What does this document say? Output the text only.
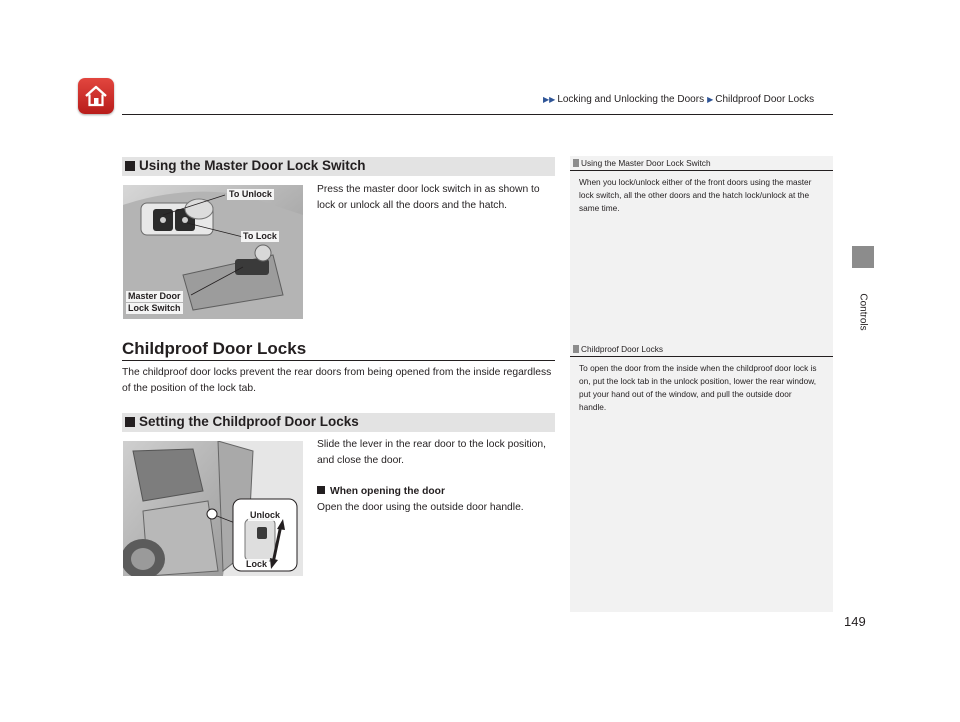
▶▶ Locking and Unlocking the Doors ▶ Childproof Door Locks
Controls
Using the Master Door Lock Switch
To Unlock
To Lock
Master Door
Lock Switch
Press the master door lock switch in as shown to lock or unlock all the doors and the hatch.
Using the Master Door Lock Switch
When you lock/unlock either of the front doors using the master lock switch, all the other doors and the hatch lock/unlock at the same time.
Childproof Door Locks
The childproof door locks prevent the rear doors from being opened from the inside regardless of the position of the lock tab.
Childproof Door Locks
To open the door from the inside when the childproof door lock is on, put the lock tab in the unlock position, lower the rear window, put your hand out of the window, and pull the outside door handle.
Setting the Childproof Door Locks
Unlock
Lock
Slide the lever in the rear door to the lock position, and close the door.
When opening the door
Open the door using the outside door handle.
149
